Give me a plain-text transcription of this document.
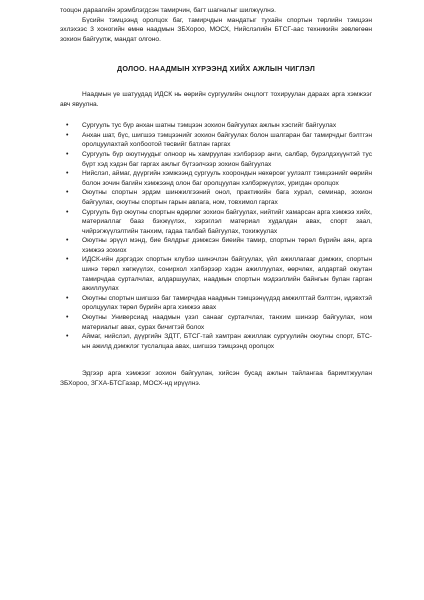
тооцон дараагийн эрэмблэгдсэн тамирчин, багт шагналыг шилжүүлнэ.

Бүсийн тэмцээнд оролцох баг, тамирчдын мандатыг тухайн спортын төрлийн тэмцээн эхлэхээс 3 хоногийн өмнө наадмын ЗБХороо, МОСХ, Нийслэлийн БТСГ-аас техникийн зөвлөгөөн зохион байгуулж, мандат олгоно.

ДОЛОО. НААДМЫН ХҮРЭЭНД ХИЙХ АЖЛЫН ЧИГЛЭЛ

Наадмын үе шатуудад ИДСК нь өөрийн сургуулийн онцлогт тохируулан дараах арга хэмжээг авч явуулна.

• Сургууль тус бүр анхан шатны тэмцээн зохион байгуулах ажлын хэсгийг байгуулах
• Анхан шат, бүс, шигшээ тэмцээнийг зохион байгуулах болон шалгаран баг тамирчдыг бэлтгэн оролцуулахтай холбоотой төсвийг батлан гаргах
• Сургууль бүр оюутнуудыг олноор нь хамруулан хэлбэрээр анги, салбар, бүрэлдэхүүнтэй тус бүрт хэд хэдэн баг гаргах ажлыг бүтээлчээр зохион байгуулах
• Нийслэл, аймаг, дүүргийн хэмжээнд сургууль хоорондын нөхөрсөг уулзалт тэмцээнийг өөрийн болон зочин багийн хэмжээнд олон баг оролцуулан хэлбэржүүлэх, уригдан оролцох
• Оюутны спортын эрдэм шинжилгээний онол, практикийн бага хурал, семинар, зохион байгуулах, оюутны спортын гарын авлага, ном, товхимол гаргах
• Сургууль бүр оюутны спортын өдөрлөг зохион байгуулах, нийтийг хамарсан арга хэмжээ хийх, материаллаг бааз бэхжүүлэх, хэрэглэл материал худалдан авах, спорт заал, чийрэгжүүлэлтийн танхим, гадаа талбай байгуулах, тохижуулах
• Оюутны эрүүл мэнд, бие бялдрыг дэмжсэн биеийн тамир, спортын төрөл бүрийн аян, арга хэмжээ зохиох
• ИДСК-ийн дэргэдэх спортын клубээ шинэчлэн байгуулах, үйл ажиллагааг дэмжих, спортын шинэ төрөл хөгжүүлэх, сонирхол хэлбэрээр хэдэн ажиллуулах, өөрчлөх, алдартай оюутан тамирчдаа сурталчлах, алдаршуулах, наадмын спортын мэдээллийн байнгын булан гарган ажиллуулах
• Оюутны спортын шигшээ баг тамирчдаа наадмын тэмцээнүүдэд амжилттай бэлтгэн, идэвхтэй оролцуулах төрөл бүрийн арга хэмжээ авах
• Оюутны Универсиад наадмын үзэл санааг сурталчлах, танхим шинээр байгуулах, ном материалыг авах, сурах бичигтэй болох
• Аймаг, нийслэл, дүүргийн ЗДТГ, БТСГ-тай хамтран ажиллаж сургуулийн оюутны спорт, БТС-ын ажилд дэмжлэг туслалцаа авах, шигшээ тэмцээнд оролцох

Эдгээр арга хэмжээг зохион байгуулан, хийсэн бусад ажлын тайлангаа баримтжуулан ЗБХороо, ЗГХА-БТСГазар, МОСХ-нд ирүүлнэ.
